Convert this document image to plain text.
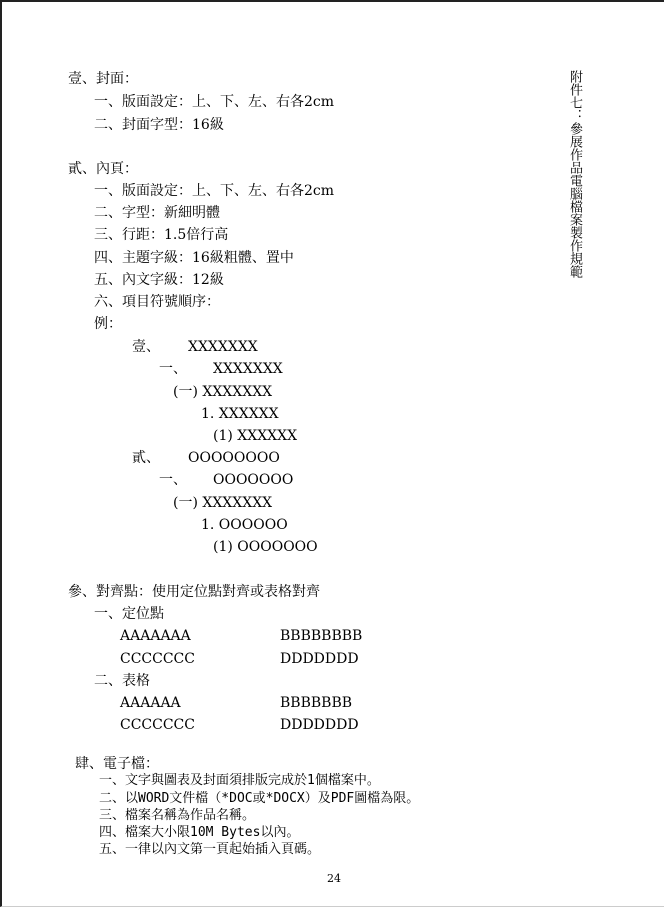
附件七：參展作品電腦檔案製作規範
壹、封面：
一、版面設定：上、下、左、右各2cm
二、封面字型：16級
貳、內頁：
一、版面設定：上、下、左、右各2cm
二、字型：新細明體
三、行距：1.5倍行高
四、主題字級：16級粗體、置中
五、內文字級：12級
六、項目符號順序：
例：
壹、 XXXXXXX
一、 XXXXXXX
(一) XXXXXXX
1. XXXXXX
(1) XXXXXX
貳、 OOOOOOOO
一、 OOOOOOO
(一) XXXXXXX
1. OOOOOO
(1) OOOOOOO
參、對齊點：使用定位點對齊或表格對齊
一、定位點
AAAAAAA	BBBBBBBB
CCCCCCC	DDDDDDD
二、表格
AAAAAA	BBBBBBB
CCCCCCC	DDDDDDD
肆、電子檔：
一、文字與圖表及封面須排版完成於1個檔案中。
二、以WORD文件檔（*DOC或*DOCX）及PDF圖檔為限。
三、檔案名稱為作品名稱。
四、檔案大小限10M Bytes以內。
五、一律以內文第一頁起始插入頁碼。
24
